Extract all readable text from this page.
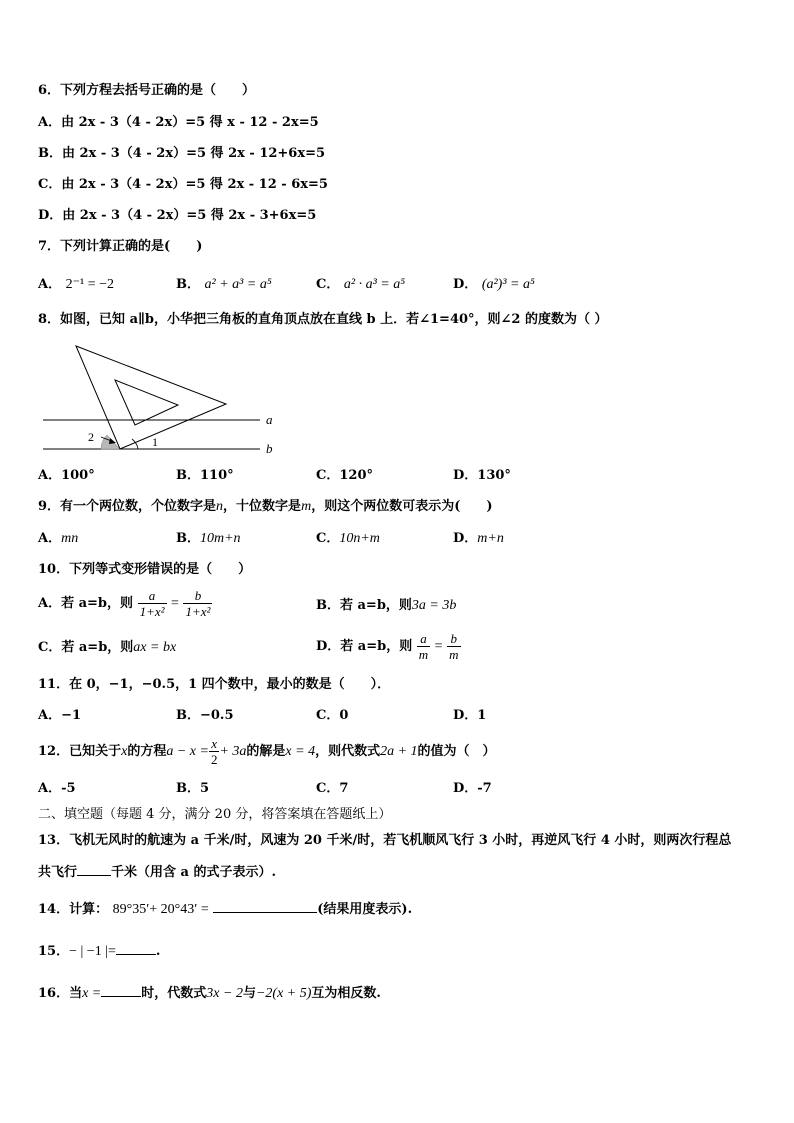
6．下列方程去括号正确的是（　　）
A．由 2x - 3（4 - 2x）=5 得 x - 12 - 2x=5
B．由 2x - 3（4 - 2x）=5 得 2x - 12+6x=5
C．由 2x - 3（4 - 2x）=5 得 2x - 12 - 6x=5
D．由 2x - 3（4 - 2x）=5 得 2x - 3+6x=5
7．下列计算正确的是(　　)
A． 2⁻¹ = −2	B． a² + a³ = a⁵	C． a² · a³ = a⁵	D． (a²)³ = a⁵
8．如图，已知 a∥b，小华把三角板的直角顶点放在直线 b 上．若∠1=40°，则∠2 的度数为（ ）
2	1
a
b
A．100°	B．110°	C．120°	D．130°
9．有一个两位数，个位数字是n，十位数字是m，则这个两位数可表示为(　　)
A．mn	B．10m+n	C．10n+m	D．m+n
10．下列等式变形错误的是（　　）
A．若 a=b，则 $\frac{a}{\text{1+x²}} = \frac{b}{\text{1+x²}}$	B．若 a=b，则3a = 3b
C．若 a=b，则ax = bx	D．若 a=b，则 $\frac{a}{m} = \frac{b}{m}$
11．在 0，−1，−0.5，1 四个数中，最小的数是（　　）．
A．−1	B．−0.5	C．0	D．1
12．已知关于x的方程$a - x = \frac{x}{2} + 3a$的解是x = 4，则代数式2a + 1的值为（　）
A．-5	B．5	C．7	D．-7
二、填空题（每题 4 分，满分 20 分，将答案填在答题纸上）
13．飞机无风时的航速为 a 千米/时，风速为 20 千米/时，若飞机顺风飞行 3 小时，再逆风飞行 4 小时，则两次行程总
共飞行	千米（用含 a 的式子表示）.
14．计算： 89°35′+ 20°43′ =	(结果用度表示).
15．− | −1 |=	.
16．当x =	时，代数式3x − 2与−2(x + 5)互为相反数.
